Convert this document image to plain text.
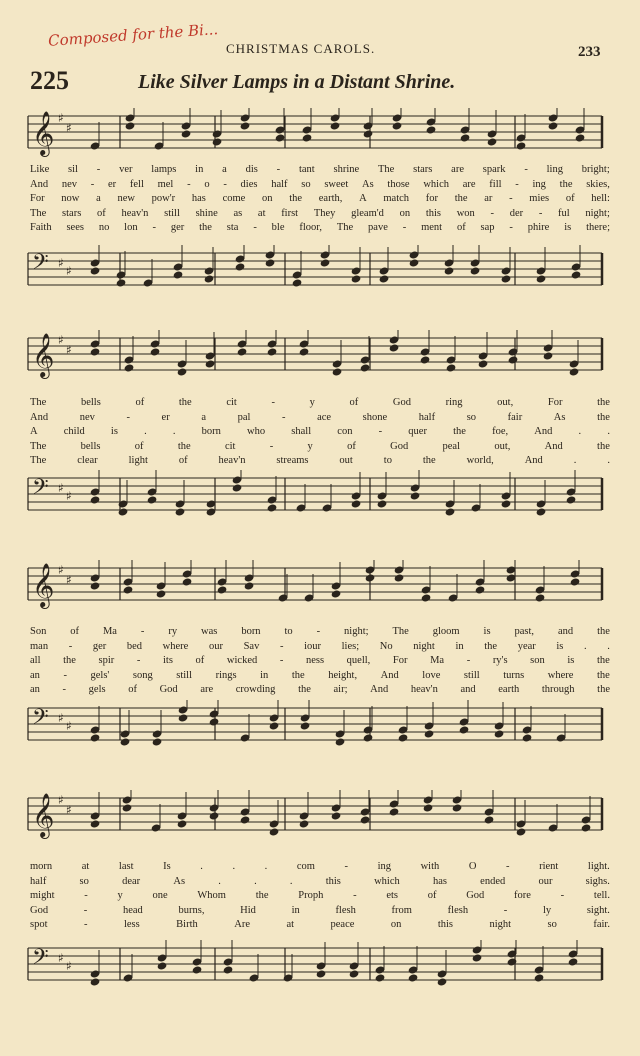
Composed for the Bi... CHRISTMAS CAROLS.	233
225	Like Silver Lamps in a Distant Shrine.
𝄞 ♯
♯
Like sil - ver lamps in a dis - tant shrine The stars are spark - ling bright;
And nev - er fell mel - o - dies half so sweet As those which are fill - ing the skies,
For now a new pow'r has come on the earth, A match for the ar - mies of hell:
The stars of heav'n still shine as at first They gleam'd on this won - der - ful night;
Faith sees no lon - ger the sta - ble floor, The pave - ment of sap - phire is there;
𝄢 ♯
♯
𝄞 ♯
♯
The	bells	of	the	cit	-	y	of	God	ring	out,	For	the
And	nev	-	er	a	pal	-	ace	shone	half	so	fair	As	the
A child is . . born who shall con - quer the foe, And . .
The	bells	of	the	cit	-	y	of	God	peal	out,	And	the
The	clear	light	of	heav'n	streams	out	to	the	world,	And	.	.
𝄢 ♯
♯
𝄞 ♯
♯
Son of Ma - ry was born to - night; The gloom is past, and the
man - ger bed where our Sav - iour lies; No night in the year is . .
all the spir - its of wicked - ness quell, For Ma - ry's son is the
an - gels' song still rings in the height, And love still turns where the
an - gels of God are crowding the air; And heav'n and earth through the
𝄢 ♯
♯
𝄞 ♯
♯
morn	at	last	Is	.	.	.	com	-	ing	with	O	-	rient	light.
half	so	dear	As	.	.	.	this	which	has	ended	our	sighs.
might	-	y	one	Whom	the	Proph	-	ets	of	God	fore	-	tell.
God	-	head	burns,	Hid	in	flesh	from	flesh	-	ly	sight.
spot	-	less	Birth	Are	at	peace	on	this	night	so	fair.
𝄢 ♯
♯
